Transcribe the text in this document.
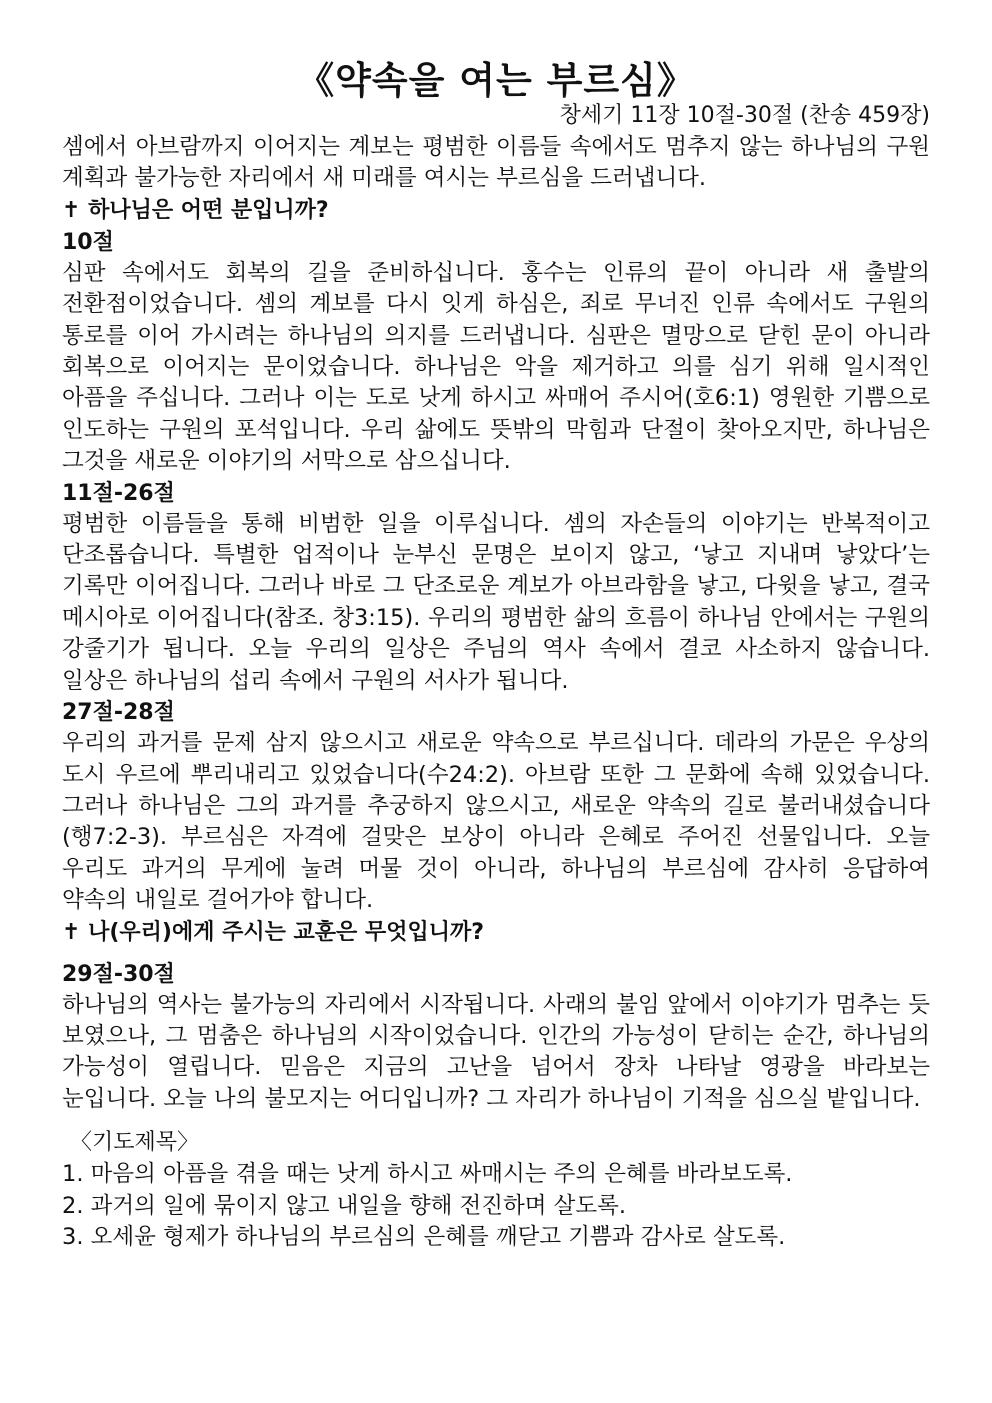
《약속을 여는 부르심》
창세기 11장 10절-30절 (찬송 459장)

셈에서 아브람까지 이어지는 계보는 평범한 이름들 속에서도 멈추지 않는 하나님의 구원 계획과 불가능한 자리에서 새 미래를 여시는 부르심을 드러냅니다.

✝ 하나님은 어떤 분입니까?
10절

심판 속에서도 회복의 길을 준비하십니다. 홍수는 인류의 끝이 아니라 새 출발의 전환점이었습니다. 셈의 계보를 다시 잇게 하심은, 죄로 무너진 인류 속에서도 구원의 통로를 이어 가시려는 하나님의 의지를 드러냅니다. 심판은 멸망으로 닫힌 문이 아니라 회복으로 이어지는 문이었습니다. 하나님은 악을 제거하고 의를 심기 위해 일시적인 아픔을 주십니다. 그러나 이는 도로 낫게 하시고 싸매어 주시어(호6:1) 영원한 기쁨으로 인도하는 구원의 포석입니다. 우리 삶에도 뜻밖의 막힘과 단절이 찾아오지만, 하나님은 그것을 새로운 이야기의 서막으로 삼으십니다.

11절-26절

평범한 이름들을 통해 비범한 일을 이루십니다. 셈의 자손들의 이야기는 반복적이고 단조롭습니다. 특별한 업적이나 눈부신 문명은 보이지 않고, ‘낳고 지내며 낳았다’는 기록만 이어집니다. 그러나 바로 그 단조로운 계보가 아브라함을 낳고, 다윗을 낳고, 결국 메시아로 이어집니다(참조. 창3:15). 우리의 평범한 삶의 흐름이 하나님 안에서는 구원의 강줄기가 됩니다. 오늘 우리의 일상은 주님의 역사 속에서 결코 사소하지 않습니다. 일상은 하나님의 섭리 속에서 구원의 서사가 됩니다.

27절-28절

우리의 과거를 문제 삼지 않으시고 새로운 약속으로 부르십니다. 데라의 가문은 우상의 도시 우르에 뿌리내리고 있었습니다(수24:2). 아브람 또한 그 문화에 속해 있었습니다. 그러나 하나님은 그의 과거를 추궁하지 않으시고, 새로운 약속의 길로 불러내셨습니다(행7:2-3). 부르심은 자격에 걸맞은 보상이 아니라 은혜로 주어진 선물입니다. 오늘 우리도 과거의 무게에 눌려 머물 것이 아니라, 하나님의 부르심에 감사히 응답하여 약속의 내일로 걸어가야 합니다.

✝ 나(우리)에게 주시는 교훈은 무엇입니까?
29절-30절

하나님의 역사는 불가능의 자리에서 시작됩니다. 사래의 불임 앞에서 이야기가 멈추는 듯 보였으나, 그 멈춤은 하나님의 시작이었습니다. 인간의 가능성이 닫히는 순간, 하나님의 가능성이 열립니다. 믿음은 지금의 고난을 넘어서 장차 나타날 영광을 바라보는 눈입니다. 오늘 나의 불모지는 어디입니까? 그 자리가 하나님이 기적을 심으실 밭입니다.

〈기도제목〉

1. 마음의 아픔을 겪을 때는 낫게 하시고 싸매시는 주의 은혜를 바라보도록.

2. 과거의 일에 묶이지 않고 내일을 향해 전진하며 살도록.

3. 오세윤 형제가 하나님의 부르심의 은혜를 깨닫고 기쁨과 감사로 살도록.
